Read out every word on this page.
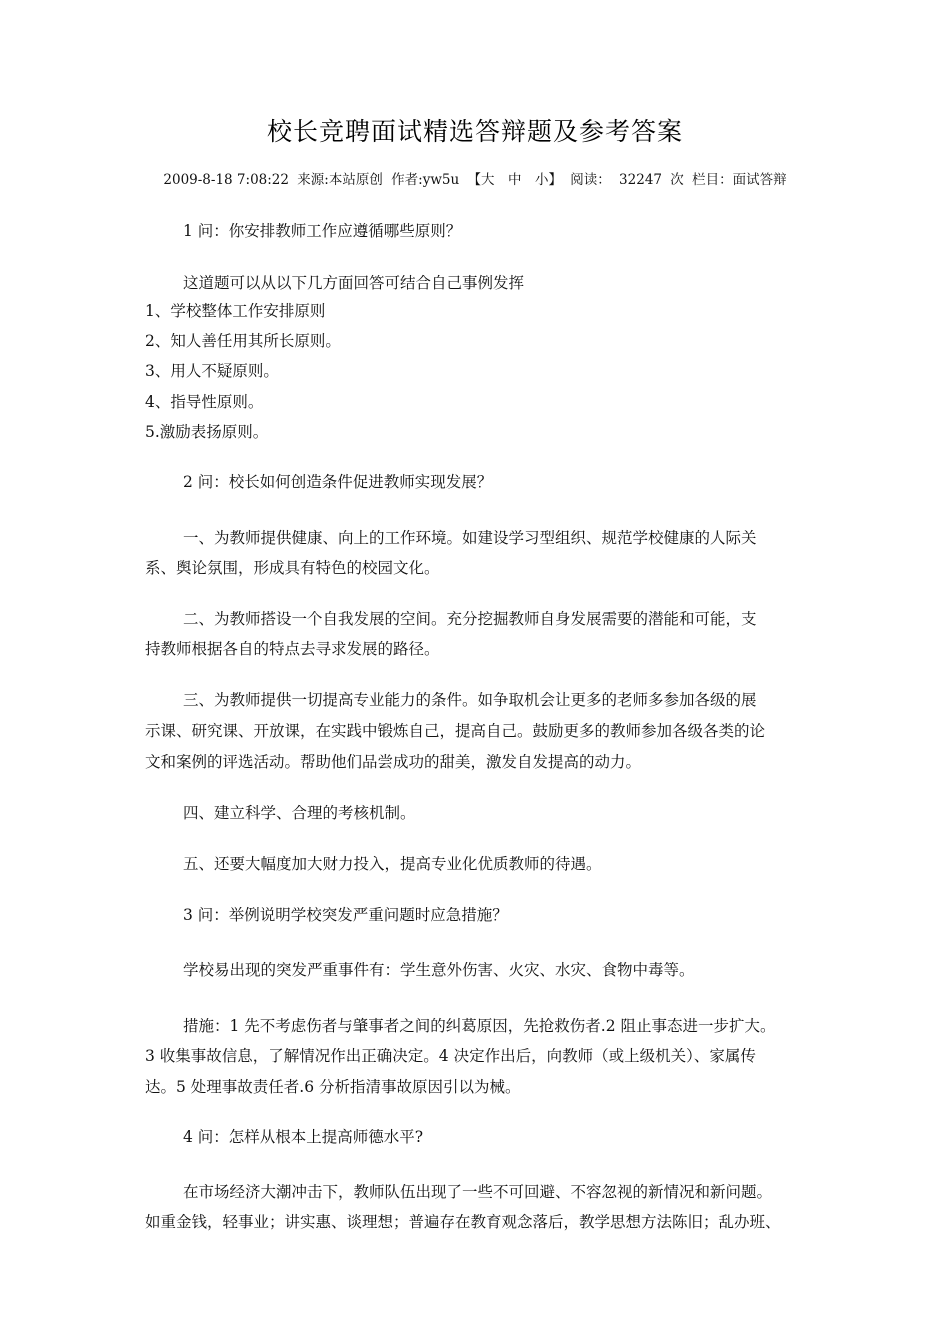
校长竞聘面试精选答辩题及参考答案
2009-8-18 7:08:22 来源:本站原创 作者:yw5u 【大　中　小】 阅读： 32247 次 栏目：面试答辩
1 问：你安排教师工作应遵循哪些原则？
这道题可以从以下几方面回答可结合自己事例发挥
1、学校整体工作安排原则
2、知人善任用其所长原则。
3、用人不疑原则。
4、指导性原则。
5.激励表扬原则。
2 问：校长如何创造条件促进教师实现发展？
一、为教师提供健康、向上的工作环境。如建设学习型组织、规范学校健康的人际关
系、舆论氛围，形成具有特色的校园文化。
二、为教师搭设一个自我发展的空间。充分挖掘教师自身发展需要的潜能和可能，支
持教师根据各自的特点去寻求发展的路径。
三、为教师提供一切提高专业能力的条件。如争取机会让更多的老师多参加各级的展
示课、研究课、开放课，在实践中锻炼自己，提高自己。鼓励更多的教师参加各级各类的论
文和案例的评选活动。帮助他们品尝成功的甜美，激发自发提高的动力。
四、建立科学、合理的考核机制。
五、还要大幅度加大财力投入，提高专业化优质教师的待遇。
3 问：举例说明学校突发严重问题时应急措施？
学校易出现的突发严重事件有：学生意外伤害、火灾、水灾、食物中毒等。
措施：1 先不考虑伤者与肇事者之间的纠葛原因，先抢救伤者.2 阻止事态进一步扩大。
3 收集事故信息，了解情况作出正确决定。4 决定作出后，向教师（或上级机关）、家属传
达。5 处理事故责任者.6 分析指清事故原因引以为械。
4 问：怎样从根本上提高师德水平?
在市场经济大潮冲击下，教师队伍出现了一些不可回避、不容忽视的新情况和新问题。
如重金钱，轻事业；讲实惠、谈理想；普遍存在教育观念落后，教学思想方法陈旧；乱办班、
